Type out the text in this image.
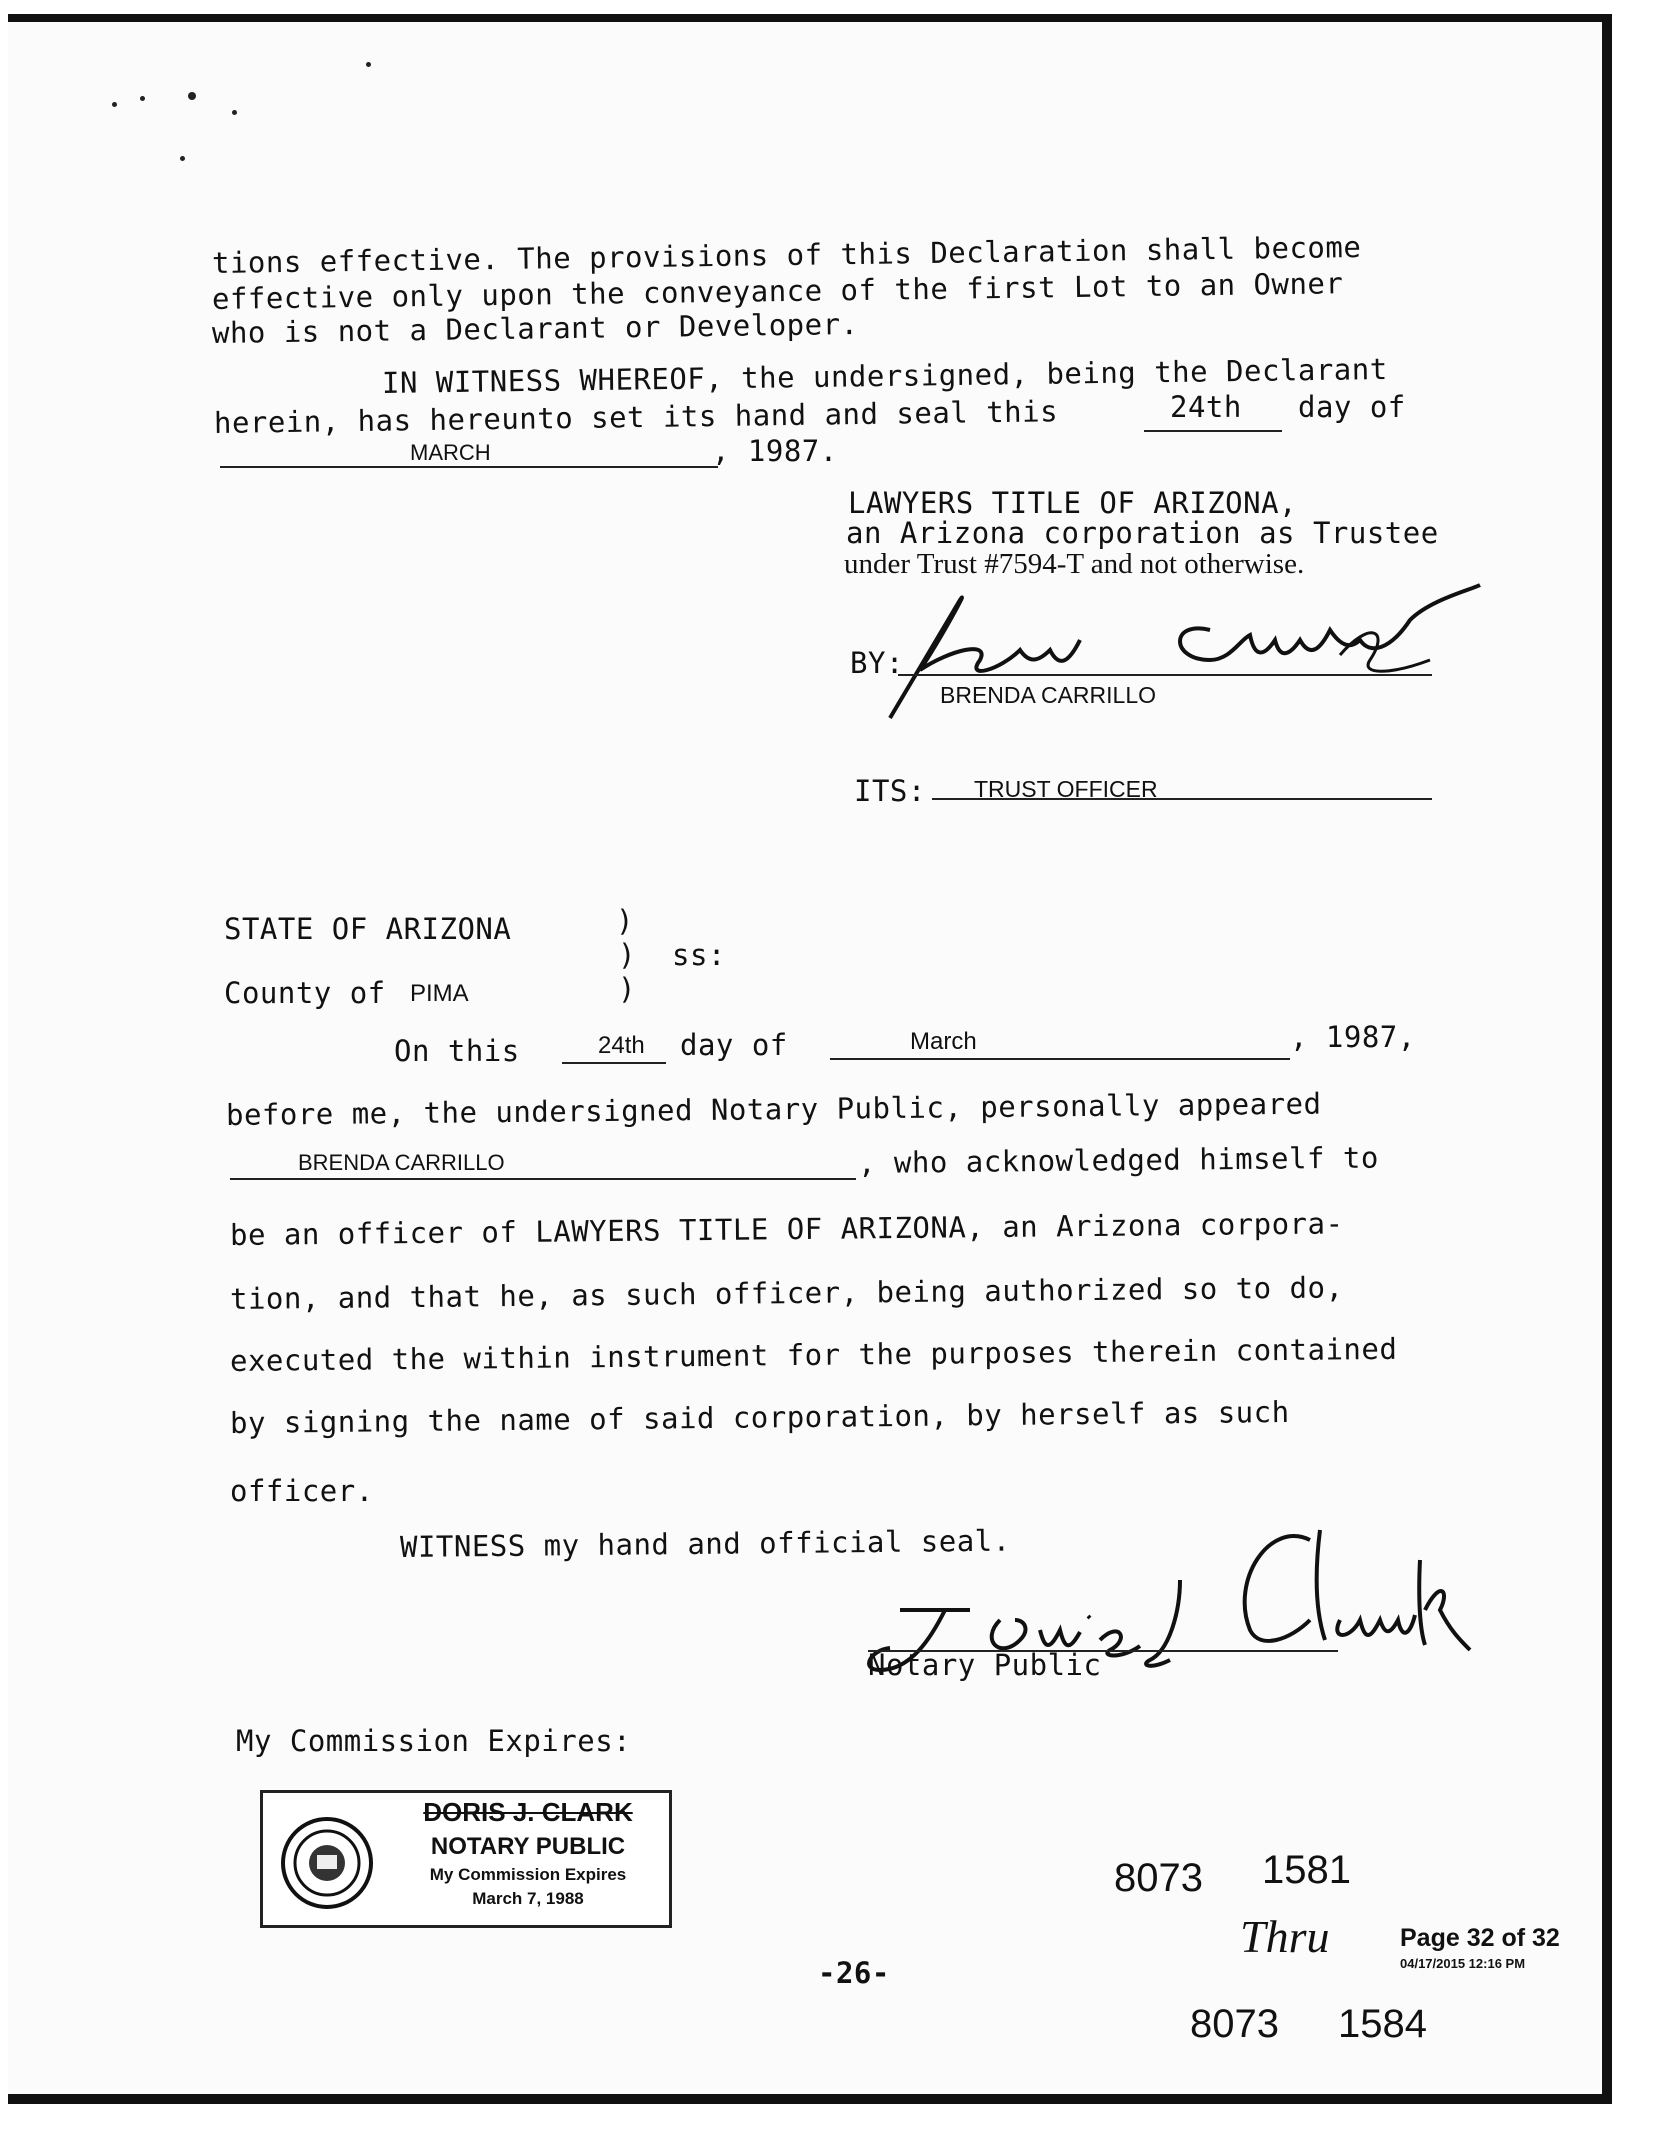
tions effective. The provisions of this Declaration shall become
effective only upon the conveyance of the first Lot to an Owner
who is not a Declarant or Developer.
IN WITNESS WHEREOF, the undersigned, being the Declarant
herein, has hereunto set its hand and seal this	24th day of
MARCH	, 1987.
LAWYERS TITLE OF ARIZONA,
an Arizona corporation as Trustee
under Trust #7594-T and not otherwise.
BY:
BRENDA CARRILLO
ITS: TRUST OFFICER
STATE OF ARIZONA	)
) ss:
)
County of PIMA
On this	24th day of	March	, 1987,
before me, the undersigned Notary Public, personally appeared
BRENDA CARRILLO	, who acknowledged himself to
be an officer of LAWYERS TITLE OF ARIZONA, an Arizona corpora-
tion, and that he, as such officer, being authorized so to do,
executed the within instrument for the purposes therein contained
by signing the name of said corporation, by herself as such
officer.
WITNESS my hand and official seal.
Notary Public
My Commission Expires:
DORIS J. CLARK
NOTARY PUBLIC
My Commission Expires
March 7, 1988
-26-
8073 1581
Thru
8073 1584
Page 32 of 32
04/17/2015 12:16 PM
